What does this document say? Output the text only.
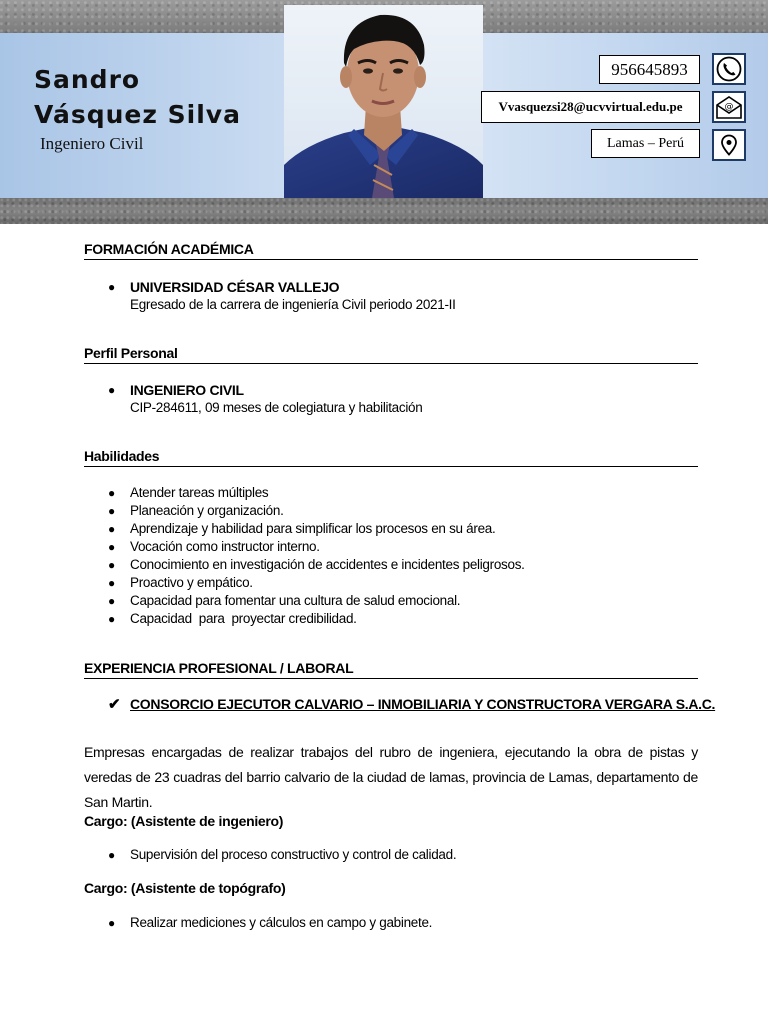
Sandro
Vásquez Silva
Ingeniero Civil
956645893
Vvasquezsi28@ucvvirtual.edu.pe	@
Lamas – Perú
FORMACIÓN ACADÉMICA
●	UNIVERSIDAD CÉSAR VALLEJO
Egresado de la carrera de ingeniería Civil periodo 2021-II
Perfil Personal
●	INGENIERO CIVIL
CIP-284611, 09 meses de colegiatura y habilitación
Habilidades
●	Atender tareas múltiples
●	Planeación y organización.
●	Aprendizaje y habilidad para simplificar los procesos en su área.
●	Vocación como instructor interno.
●	Conocimiento en investigación de accidentes e incidentes peligrosos.
●	Proactivo y empático.
●	Capacidad para fomentar una cultura de salud emocional.
●	Capacidad  para  proyectar credibilidad.
EXPERIENCIA PROFESIONAL / LABORAL
✔ CONSORCIO EJECUTOR CALVARIO – INMOBILIARIA Y CONSTRUCTORA VERGARA S.A.C.
Empresas encargadas de realizar trabajos del rubro de ingeniera, ejecutando la obra de pistas y veredas de 23 cuadras del barrio calvario de la ciudad de lamas, provincia de Lamas, departamento de San Martin.
Cargo: (Asistente de ingeniero)
●	Supervisión del proceso constructivo y control de calidad.
Cargo: (Asistente de topógrafo)
●	Realizar mediciones y cálculos en campo y gabinete.
